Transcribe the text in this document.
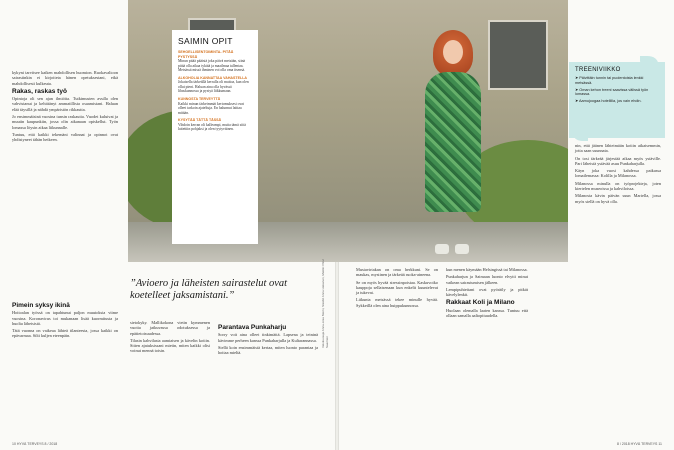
SAIMIN OPIT
SEHOELLISENTOIMINTA- PITÄÄ PYSTYSSÄ
Minun pitää pääistä joka päivä metsään, siinä pitää olla aikaa tykätä ja maailmaa tallentaa. Metsässä missä ihminen voi olla oma itsensä.
ALKOHOLIA KANNATTAA VAHASTELLA
Jokaisella tärkeällä kerralla oli maitoa, kun olen ollut pieni. Haluan aina olla hyvässä lihaskunnossa ja pystyä liikkumaan.
KUNNOSTA TERVEYTTÄ
Kaikki minun tärkeimmät kertomuksesi ovat olleet tarkoin ajateltuja. En halunnut laittaa mitään.
KYSYTÄÄ TÄTTÄ TÄSSÄ
Vihdoin kerran oli kalleampi, mutta tämä siitä laitettiin pohjaksi ja olen tyytyväinen.
Valokuvaaja Anna-Liisa Niemi, Sisältö Anna Hakanen, Meikki: Päivi Saarinen

kykyni tarvitsee kaiken mahdollisen huomion. Ruokavalioon sairastinkin ei kirjoiteta hänen opetuksestani, eikä mahdollisesti kulkeuta.

Rakas, raskas työ

Opintoja oli sen ajan ilmiöita. Tutkimusten avulla olen vahvistanut ja kehittänyt ammatillista osaamistani. Haluan elää täysillä ja nähdä ympäristön rikkautta.

Jo ensimmäisinä vuosina tunsin raskautta. Vuodet kuluivat ja muutin kaupunkiin, jossa olin aikanaan opiskellut. Työn lomassa löysin aikaa liikunnalle.

Tuntuu, että kaikki tekemäni valinnat ja opinnot ovat yhdistyneet tähän hetkeen.

Pimein syksy ikinä

Hoitoalan työssä on tapahtunut paljon muutoksia viime vuosina. Koronavirus toi mukanaan lisää kuormitusta ja huolta läheisistä.

Tätä vuonna on vaikeaa lähteä tilanteesta, jossa kaikki on epävarmaa. Silti kuljen eteenpäin.

”Avioero ja läheisten sairastelut ovat koetelleet jaksamistani.”

sietokyky. Mallikokona vietin kymmenen vuotta jatkuvassa odotuksessa ja epätietoisuudessa.

Tilasin kahvilasta aamiaisen ja kävelin kotiin. Sitten ajatuksissani mietin, miten kaikki olisi voinut mennä toisin.

Parantava Punkaharju

Sorry voit aina olleet tinkimättä. Lapsena ja teininä kävimme perheen kanssa Punkaharjulla ja Kultarannassa.

Siellä koin ensimmäistä kertaa, miten luonto parantaa ja hoitaa mieltä.

Mustavirtakan on oma herkkuni. Se on maukas, mystinen ja tärkeää ruoka-aineena.

Se on myös hyvää stressinpoistaa. Kaskuvoiko kauppoja sellaisenaan kun enkelit kuuntelevat ja tukevat.

Liikunta metsässä tekee minulle hyvää. Sykkeillä olen aina huippukunnossa.

kun menen käymään Helsingissä tai Milanossa.

Punkaharjun ja Saimaan luonto elvytti minut vaikean sairastumisen jälkeen.

Lempipuhteitani ovat pyöräily ja pitkät kävelylenkit.

Rakkaat Koli ja Milano

Huolaan olemalla laaten kanssa. Tuntuu että ollaan samalla aaltopituudella.

nin, että jäänen lähteimään kotiin aikaisemmin, jotta saan suunnata.

On tosi tärkeää järjestää aikaa myös ystäville. Pari läheistä ystävää asuu Punkaharjulla.

Käyn joka vuosi kahdessa paikassa lomailemassa: Kolilla ja Milanossa.

Milanossa minulla on työprojekteja, joten kiertelen museoissa ja kahviloissa.

Milanosta kävin päivän suun Mariella, jossa myös siellä on hyvä olla.

TREENIVIIKKO
➤ Päivittäin tunnin tai puolentoista lenkki metsässä.
➤ Oman kehon treeni saavissa välissä työn lomassa.
➤ Aamujoogaa hotellilla, jos vain ehdin.
10 HYVÄ TERVEYS 8 / 2018	8 / 2018 HYVÄ TERVEYS 11
